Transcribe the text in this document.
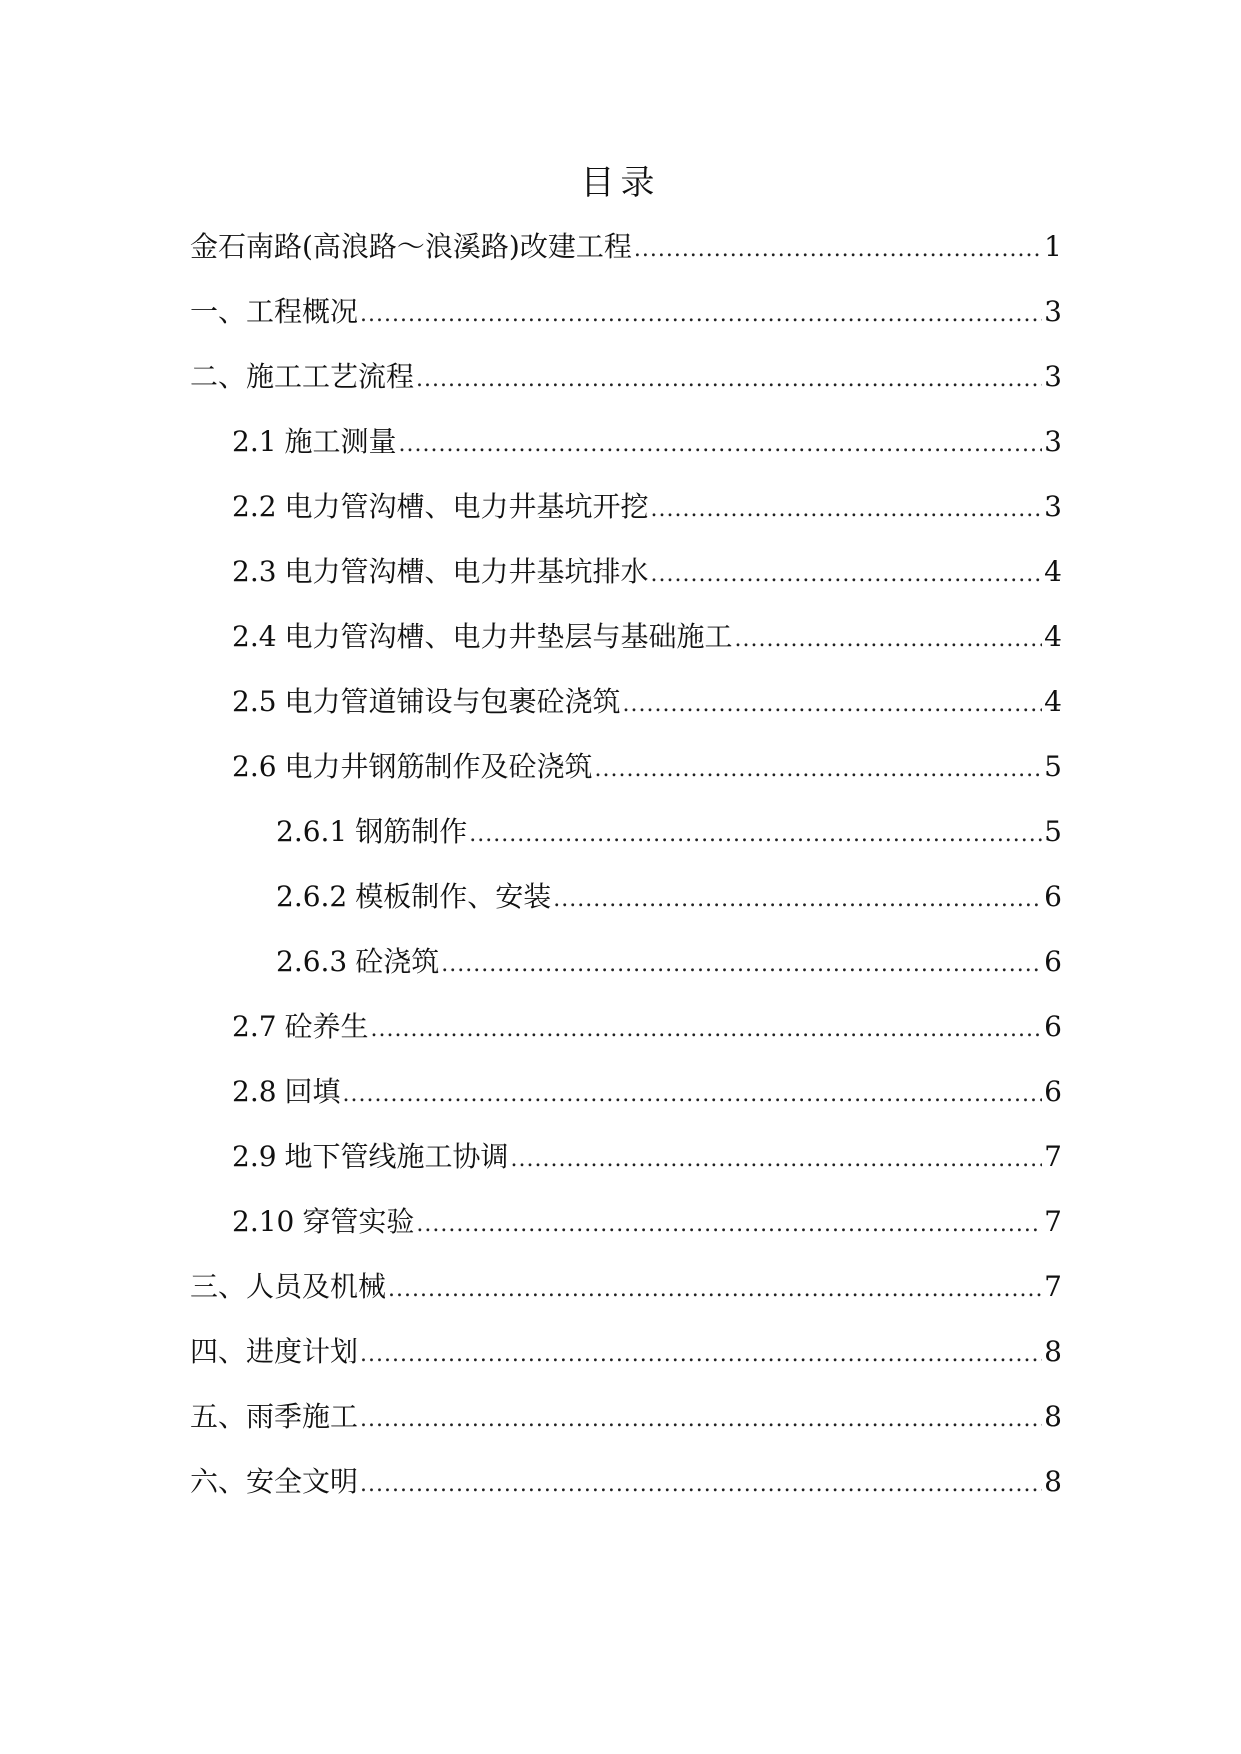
目录
金石南路(高浪路～浪溪路)改建工程 .....	1
一、 工程概况 .....	3
二、 施工工艺流程 .....	3
2.1 施工测量 .....	3
2.2 电力管沟槽、电力井基坑开挖 .....	3
2.3 电力管沟槽、电力井基坑排水 .....	4
2.4 电力管沟槽、电力井垫层与基础施工 .....	4
2.5 电力管道铺设与包裹砼浇筑 .....	4
2.6 电力井钢筋制作及砼浇筑 .....	5
2.6.1 钢筋制作 .....	5
2.6.2 模板制作、安装 .....	6
2.6.3 砼浇筑 .....	6
2.7 砼养生 .....	6
2.8 回填 .....	6
2.9 地下管线施工协调 .....	7
2.10 穿管实验 .....	7
三、 人员及机械 .....	7
四、 进度计划 .....	8
五、 雨季施工 .....	8
六、 安全文明 .....	8
